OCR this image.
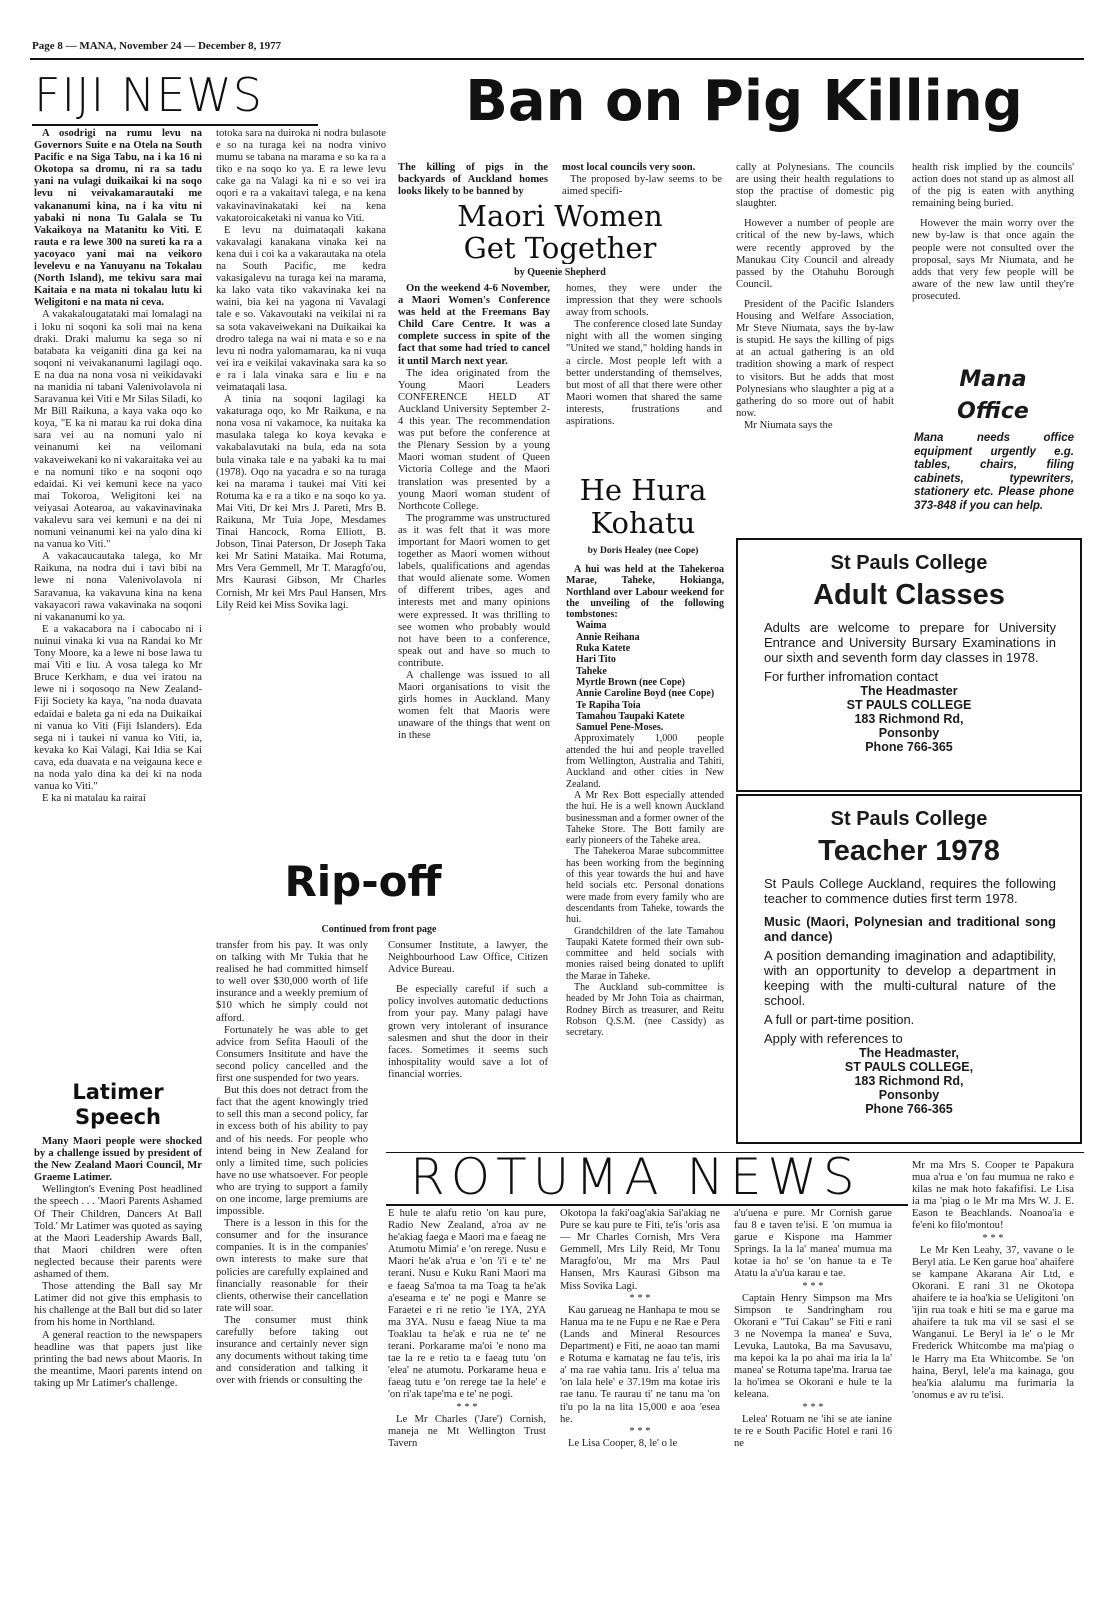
Page 8 — MANA, November 24 — December 8, 1977
FIJI NEWS	Ban on Pig Killing

A osodrigi na rumu levu na Governors Suite e na Otela na South Pacific e na Siga Tabu, na i ka 16 ni Okotopa sa dromu, ni ra sa tadu yani na vulagi duikaikai ki na soqo levu ni veivakamarautaki me vakananumi kina, na i ka vitu ni yabaki ni nona Tu Galala se Tu Vakaikoya na Matanitu ko Viti. E rauta e ra lewe 300 na sureti ka ra a yacoyaco yani mai na veikoro levelevu e na Yanuyanu na Tokalau (North Island), me tekivu sara mai Kaitaia e na mata ni tokalau lutu ki Weligitoni e na mata ni ceva.

A vakakalougatataki mai lomalagi na i loku ni soqoni ka soli mai na kena draki. Draki malumu ka sega so ni batabata ka veiganiti dina ga kei na soqoni ni veivakananumi lagilagi oqo. E na dua na nona vosa ni veikidavaki na manidia ni tabani Valenivolavola ni Saravanua kei Viti e Mr Silas Siladi, ko Mr Bill Raikuna, a kaya vaka oqo ko koya, "E ka ni marau ka rui doka dina sara vei au na nomuni yalo ni veinanumi kei na veilomani vakaveiwekani ko ni vakaraitaka vei au e na nomuni tiko e na soqoni oqo edaidai. Ki vei kemuni kece na yaco mai Tokoroa, Weligitoni kei na veiyasai Aotearoa, au vakavinavinaka vakalevu sara vei kemuni e na dei ni nomuni veinanumi kei na yalo dina ki na vanua ko Viti."

A vakacaucautaka talega, ko Mr Raikuna, na nodra dui i tavi bibi na lewe ni nona Valenivolavola ni Saravanua, ka vakavuna kina na kena vakayacori rawa vakavinaka na soqoni ni vakananumi ko ya.

E a vakacabora na i cabocabo ni i nuinui vinaka ki vua na Randai ko Mr Tony Moore, ka a lewe ni bose lawa tu mai Viti e liu. A vosa talega ko Mr Bruce Kerkham, e dua vei iratou na lewe ni i soqosoqo na New Zealand-Fiji Society ka kaya, "na noda duavata edaidai e baleta ga ni eda na Duikaikai ni vanua ko Viti (Fiji Islanders). Eda sega ni i taukei ni vanua ko Viti, ia, kevaka ko Kai Valagi, Kai Idia se Kai cava, eda duavata e na veigauna kece e na noda yalo dina ka dei ki na noda vanua ko Viti."

E ka ni matalau ka rairai

totoka sara na duiroka ni nodra bulasote e so na turaga kei na nodra vinivo mumu se tabana na marama e so ka ra a tiko e na soqo ko ya. E ra lewe levu cake ga na Valagi ka ni e so vei ira oqori e ra a vakaitavi talega, e na kena vakavinavinakataki kei na kena vakatoroicaketaki ni vanua ko Viti.

E levu na duimataqali kakana vakavalagi kanakana vinaka kei na kena dui i coi ka a vakarautaka na otela na South Pacific, me kedra vakasigalevu na turaga kei na marama, ka lako vata tiko vakavinaka kei na waini, bia kei na yagona ni Vavalagi tale e so. Vakavoutaki na veikilai ni ra sa sota vakaveiwekani na Duikaikai ka drodro talega na wai ni mata e so e na levu ni nodra yalomamarau, ka ni vuqa vei ira e veikilai vakavinaka sara ka so e ra i lala vinaka sara e liu e na veimataqali lasa.

A tinia na soqoni lagilagi ka vakaturaga oqo, ko Mr Raikuna, e na nona vosa ni vakamoce, ka nuitaka ka masulaka talega ko koya kevaka e vakabalavutaki na bula, eda na sota bula vinaka tale e na yabaki ka tu mai (1978). Oqo na yacadra e so na turaga kei na marama i taukei mai Viti kei Rotuma ka e ra a tiko e na soqo ko ya. Mai Viti, Dr kei Mrs J. Pareti, Mrs B. Raikuna, Mr Tuia Jope, Mesdames Tinai Hancock, Roma Elliott, B. Jobson, Tinai Paterson, Dr Joseph Taka kei Mr Satini Mataika. Mai Rotuma, Mrs Vera Gemmell, Mr T. Maragfo'ou, Mrs Kaurasi Gibson, Mr Charles Cornish, Mr kei Mrs Paul Hansen, Mrs Lily Reid kei Miss Sovika lagi.

Latimer
Speech

Many Maori people were shocked by a challenge issued by president of the New Zealand Maori Council, Mr Graeme Latimer.

Wellington's Evening Post headlined the speech . . . 'Maori Parents Ashamed Of Their Children, Dancers At Ball Told.' Mr Latimer was quoted as saying at the Maori Leadership Awards Ball, that Maori children were often neglected because their parents were ashamed of them.

Those attending the Ball say Mr Latimer did not give this emphasis to his challenge at the Ball but did so later from his home in Northland.

A general reaction to the newspapers headline was that papers just like printing the bad news about Maoris. In the meantime, Maori parents intend on taking up Mr Latimer's challenge.

The killing of pigs in the backyards of Auckland homes looks likely to be banned by

most local councils very soon.

The proposed by-law seems to be aimed specifi-

Maori Women
Get Together
by Queenie Shepherd

On the weekend 4-6 November, a Maori Women's Conference was held at the Freemans Bay Child Care Centre. It was a complete success in spite of the fact that some had tried to cancel it until March next year.

The idea originated from the Young Maori Leaders CONFERENCE HELD AT Auckland University September 2-4 this year. The recommendation was put before the conference at the Plenary Session by a young Maori woman student of Queen Victoria College and the Maori translation was presented by a young Maori woman student of Northcote College.

The programme was unstructured as it was felt that it was more important for Maori women to get together as Maori women without labels, qualifications and agendas that would alienate some. Women of different tribes, ages and interests met and many opinions were expressed. It was thrilling to see women who probably would not have been to a conference, speak out and have so much to contribute.

A challenge was issued to all Maori organisations to visit the girls homes in Auckland. Many women felt that Maoris were unaware of the things that went on in these

homes, they were under the impression that they were schools away from schools.

The conference closed late Sunday night with all the women singing "United we stand," holding hands in a circle. Most people left with a better understanding of themselves, but most of all that there were other Maori women that shared the same interests, frustrations and aspirations.

He Hura
Kohatu
by Doris Healey (nee Cope)

A hui was held at the Tahekeroa Marae, Taheke, Hokianga, Northland over Labour weekend for the unveiling of the following tombstones:

Waima
Annie Reihana
Ruka Katete
Hari Tito
Taheke
Myrtle Brown (nee Cope)
Annie Caroline Boyd (nee Cope)
Te Rapiha Toia
Tamahou Taupaki Katete
Samuel Pene-Moses.

Approximately 1,000 people attended the hui and people travelled from Wellington, Australia and Tahiti, Auckland and other cities in New Zealand.

A Mr Rex Bott especially attended the hui. He is a well known Auckland businessman and a former owner of the Taheke Store. The Bott family are early pioneers of the Taheke area.

The Tahekeroa Marae subcommittee has been working from the beginning of this year towards the hui and have held socials etc. Personal donations were made from every family who are descendants from Taheke, towards the hui.

Grandchildren of the late Tamahou Taupaki Katete formed their own sub-committee and held socials with monies raised being donated to uplift the Marae in Taheke.

The Auckland sub-committee is headed by Mr John Toia as chairman, Rodney Birch as treasurer, and Reitu Robson Q.S.M. (nee Cassidy) as secretary.

cally at Polynesians. The councils are using their health regulations to stop the practise of domestic pig slaughter.

However a number of people are critical of the new by-laws, which were recently approved by the Manukau City Council and already passed by the Otahuhu Borough Council.

President of the Pacific Islanders Housing and Welfare Association, Mr Steve Niumata, says the by-law is stupid. He says the killing of pigs at an actual gathering is an old tradition showing a mark of respect to visitors. But he adds that most Polynesians who slaughter a pig at a gathering do so more out of habit now.

Mr Niumata says the

health risk implied by the councils' action does not stand up as almost all of the pig is eaten with anything remaining being buried.

However the main worry over the new by-law is that once again the people were not consulted over the proposal, says Mr Niumata, and he adds that very few people will be aware of the new law until they're prosecuted.

Mana
Office
Mana needs office equipment urgently e.g. tables, chairs, filing cabinets, typewriters, stationery etc. Please phone 373-848 if you can help.
St Pauls College
Adult Classes
Adults are welcome to prepare for University Entrance and University Bursary Examinations in our sixth and seventh form day classes in 1978.
For further infromation contact
The Headmaster
ST PAULS COLLEGE
183 Richmond Rd,
Ponsonby
Phone 766-365
St Pauls College
Teacher 1978
St Pauls College Auckland, requires the following teacher to commence duties first term 1978.
Music (Maori, Polynesian and traditional song and dance)
A position demanding imagination and adaptibility, with an opportunity to develop a department in keeping with the multi-cultural nature of the school.
A full or part-time position.
Apply with references to
The Headmaster,
ST PAULS COLLEGE,
183 Richmond Rd,
Ponsonby
Phone 766-365
Rip-off
Continued from front page

transfer from his pay. It was only on talking with Mr Tukia that he realised he had committed himself to well over $30,000 worth of life insurance and a weekly premium of $10 which he simply could not afford.

Fortunately he was able to get advice from Sefita Haouli of the Consumers Insititute and have the second policy cancelled and the first one suspended for two years.

But this does not detract from the fact that the agent knowingly tried to sell this man a second policy, far in excess both of his ability to pay and of his needs. For people who intend being in New Zealand for only a limited time, such policies have no use whatsoever. For people who are trying to support a family on one income, large premiums are impossible.

There is a lesson in this for the consumer and for the insurance companies. It is in the companies' own interests to make sure that policies are carefully explained and financially reasonable for their clients, otherwise their cancellation rate will soar.

The consumer must think carefully before taking out insurance and certainly never sign any documents without taking time and consideration and talking it over with friends or consulting the

Consumer Institute, a lawyer, the Neighbourhood Law Office, Citizen Advice Bureau.

Be especially careful if such a policy involves automatic deductions from your pay. Many palagi have grown very intolerant of insurance salesmen and shut the door in their faces. Sometimes it seems such inhospitality would save a lot of financial worries.

ROTUMA NEWS

E hule te alafu retio 'on kau pure, Radio New Zealand, a'roa av ne he'akiag faega e Maori ma e faeag ne Atumotu Mimia' e 'on rerege. Nusu e Maori he'ak a'rua e 'on 'i'i e te' ne terani. Nusu e Kuku Rani Maori ma e faeag Sa'moa ta ma Toag ta he'ak a'eseama e te' ne pogi e Manre se Faraetei e ri ne retio 'ie 1YA, 2YA ma 3YA. Nusu e faeag Niue ta ma Toaklau ta he'ak e rua ne te' ne terani. Porkarame ma'oi 'e nono ma tae la re e retio ta e faeag tutu 'on 'elea' ne atumotu. Porkarame heua e faeag tutu e 'on rerege tae la hele' e 'on ri'ak tape'ma e te' ne pogi.

* * *

Le Mr Charles ('Jare') Cornish, maneja ne Mt Wellington Trust Tavern

Okotopa la faki'oag'akia Sai'akiag ne Pure se kau pure te Fiti, te'is 'oris asa — Mr Charles Cornish, Mrs Vera Gemmell, Mrs Lily Reid, Mr Tonu Maragfo'ou, Mr ma Mrs Paul Hansen, Mrs Kaurasi Gibson ma Miss Sovika Lagi.

* * *

Kau garueag ne Hanhapa te mou se Hanua ma te ne Fupu e ne Rae e Pera (Lands and Mineral Resources Department) e Fiti, ne aoao tan mami e Rotuma e kamatag ne fau te'is, iris a' ma rae vahia tanu. Iris a' telua ma 'on lala hele' e 37.19m ma kotae iris rae tanu. Te raurau ti' ne tanu ma 'on ti'u po la na lita 15,000 e aoa 'esea he.

* * *

Le Lisa Cooper, 8, le' o le

a'u'uena e pure. Mr Cornish garue fau 8 e taven te'isi. E 'on mumua ia garue e Kispone ma Hammer Springs. Ia la la' manea' mumua ma kotae ia ho' se 'on hanue ta e Te Atatu la a'u'ua karau e tae.

* * *

Captain Henry Simpson ma Mrs Simpson te Sandringham rou Okorani e "Tui Cakau" se Fiti e rani 3 ne Novempa la manea' e Suva, Levuka, Lautoka, Ba ma Savusavu, ma kepoi ka la po ahai ma iria la la' manea' se Rotuma tape'ma. Irarua tae la ho'imea se Okorani e hule te la keleana.

* * *

Lelea' Rotuam ne 'ihi se ate ianine te re e South Pacific Hotel e rani 16 ne

Mr ma Mrs S. Cooper te Papakura mua a'rua e 'on fau mumua ne rako e kilas ne mak hoto fakafifisi. Le Lisa ia ma 'piag o le Mr ma Mrs W. J. E. Eason te Beachlands. Noanoa'ia e fe'eni ko filo'montou!

* * *

Le Mr Ken Leahy, 37, vavane o le Beryl atia. Le Ken garue hoa' ahaifere se kampane Akarana Air Ltd, e Okorani. E rani 31 ne Okotopa ahaifere te ia hoa'kia se Ueligitoni 'on 'ijin rua toak e hiti se ma e garue ma ahaifere ta tuk ma vil se sasi el se Wanganui. Le Beryl ia le' o le Mr Frederick Whitcombe ma ma'piag o le Harry ma Eta Whitcombe. Se 'on haina, Beryl, lele'a ma kainaga, gou hea'kia alalumu ma furimaria la 'onomus e av ru te'isi.
